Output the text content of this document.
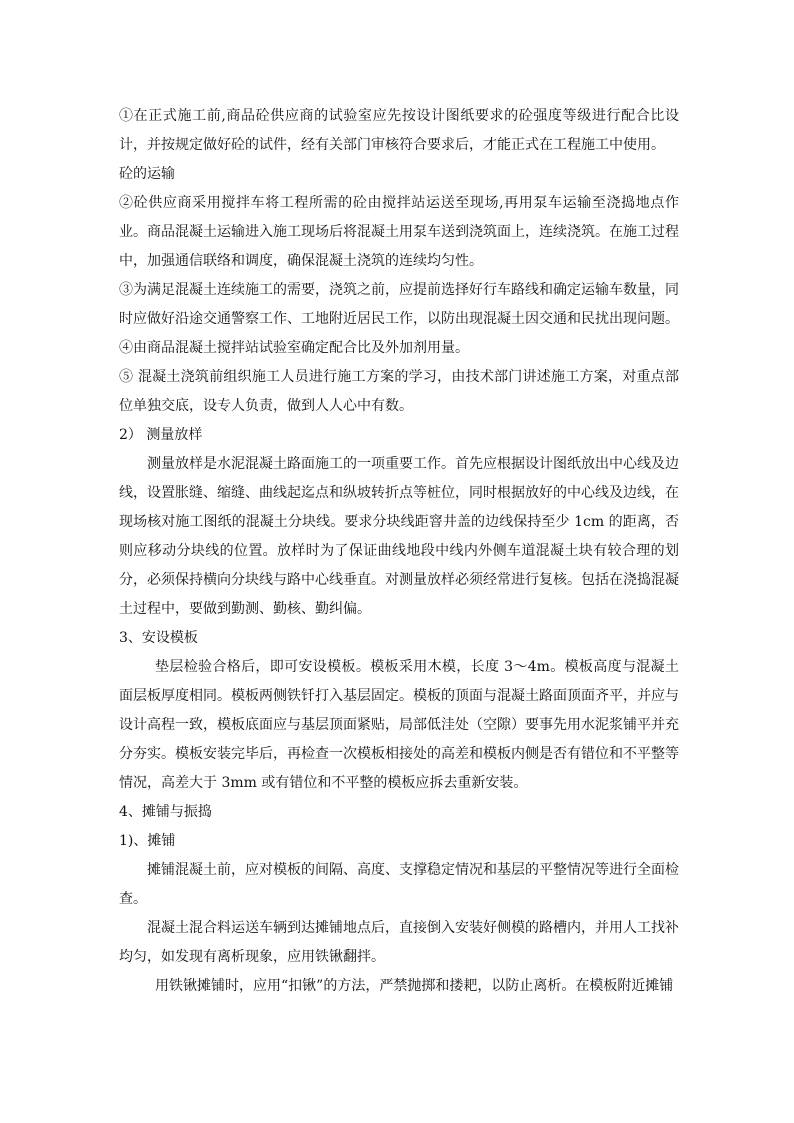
①在正式施工前,商品砼供应商的试验室应先按设计图纸要求的砼强度等级进行配合比设计，并按规定做好砼的试件，经有关部门审核符合要求后，才能正式在工程施工中使用。

砼的运输

②砼供应商采用搅拌车将工程所需的砼由搅拌站运送至现场,再用泵车运输至浇捣地点作业。商品混凝土运输进入施工现场后将混凝土用泵车送到浇筑面上，连续浇筑。在施工过程中，加强通信联络和调度，确保混凝土浇筑的连续均匀性。

③为满足混凝土连续施工的需要，浇筑之前，应提前选择好行车路线和确定运输车数量，同时应做好沿途交通警察工作、工地附近居民工作，以防出现混凝土因交通和民扰出现问题。

④由商品混凝土搅拌站试验室确定配合比及外加剂用量。

⑤ 混凝土浇筑前组织施工人员进行施工方案的学习，由技术部门讲述施工方案，对重点部位单独交底，设专人负责，做到人人心中有数。

2） 测量放样

测量放样是水泥混凝土路面施工的一项重要工作。首先应根据设计图纸放出中心线及边线，设置胀缝、缩缝、曲线起迄点和纵坡转折点等桩位，同时根据放好的中心线及边线，在现场核对施工图纸的混凝土分块线。要求分块线距窨井盖的边线保持至少 1cm 的距离，否则应移动分块线的位置。放样时为了保证曲线地段中线内外侧车道混凝土块有较合理的划分，必须保持横向分块线与路中心线垂直。对测量放样必须经常进行复核。包括在浇捣混凝土过程中，要做到勤测、勤核、勤纠偏。

3、安设模板

垫层检验合格后，即可安设模板。模板采用木模，长度 3～4m。模板高度与混凝土面层板厚度相同。模板两侧铁钎打入基层固定。模板的顶面与混凝土路面顶面齐平，并应与设计高程一致，模板底面应与基层顶面紧贴，局部低洼处（空隙）要事先用水泥浆铺平并充分夯实。模板安装完毕后，再检查一次模板相接处的高差和模板内侧是否有错位和不平整等情况，高差大于 3mm 或有错位和不平整的模板应拆去重新安装。

4、摊铺与振捣

1)、摊铺

摊铺混凝土前，应对模板的间隔、高度、支撑稳定情况和基层的平整情况等进行全面检查。

混凝土混合料运送车辆到达摊铺地点后，直接倒入安装好侧模的路槽内，并用人工找补均匀，如发现有离析现象，应用铁锹翻拌。

用铁锹摊铺时，应用“扣锹”的方法，严禁抛掷和搂耙，以防止离析。在模板附近摊铺
